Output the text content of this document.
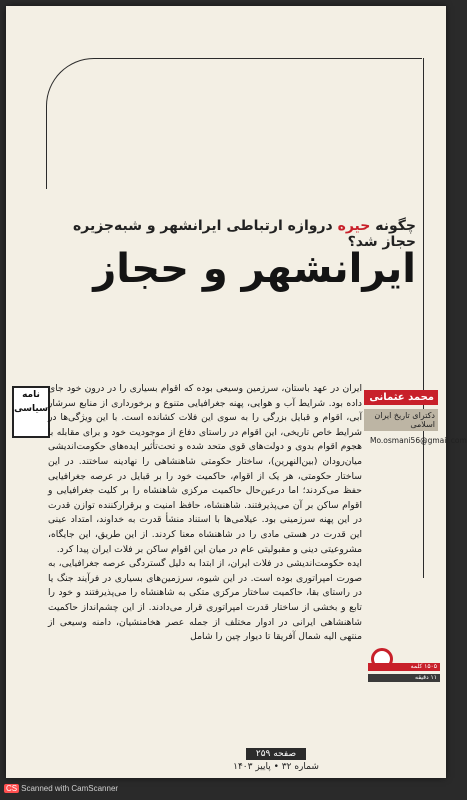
چگونه حیره دروازه ارتباطی ایرانشهر و شبه‌جزیره حجاز شد؟
ایرانشهر و حجاز
نامه
سیاسی
محمد عثمانی
دکترای تاریخ ایران اسلامی
Mo.osmani56@gmail.com

ایران در عهد باستان، سرزمین وسیعی بوده که اقوام بسیاری را در درون خود جای داده بود. شرایط آب و هوایی، پهنه جغرافیایی متنوع و برخورداری از منابع سرشار آبی، اقوام و قبایل بزرگی را به سوی این فلات کشانده است. با این ویژگی‌ها در شرایط خاص تاریخی، این اقوام در راستای دفاع از موجودیت خود و برای مقابله با هجوم اقوام بدوی و دولت‌های قوی متحد شده و تحت‌تأثیر ایده‌های حکومت‌اندیشی میان‌رودان (بین‌النهرین)، ساختار حکومتی شاهنشاهی را نهادینه ساختند. در این ساختار حکومتی، هر یک از اقوام، حاکمیت خود را بر قبایل در عرصه جغرافیایی حفظ می‌کردند؛ اما درعین‌حال حاکمیت مرکزی شاهنشاه را بر کلیت جغرافیایی و اقوام ساکن بر آن می‌پذیرفتند. شاهنشاه، حافظ امنیت و برقرارکننده توازن قدرت در این پهنه سرزمینی بود. عیلامی‌ها با استناد منشأ قدرت به خداوند، امتداد عینی این قدرت در هستی مادی را در شاهنشاه معنا کردند. از این طریق، این جایگاه، مشروعیتی دینی و مقبولیتی عام در میان این اقوام ساکن بر فلات ایران پیدا کرد.

ایده حکومت‌اندیشی در فلات ایران، از ابتدا به دلیل گستردگی عرصه جغرافیایی، به صورت امپراتوری بوده است. در این شیوه، سرزمین‌های بسیاری در فرآیند جنگ یا در راستای بقا، حاکمیت ساختار مرکزی متکی به شاهنشاه را می‌پذیرفتند و خود را تابع و بخشی از ساختار قدرت امپراتوری قرار می‌دادند. از این چشم‌انداز حاکمیت شاهنشاهی ایرانی در ادوار مختلف از جمله عصر هخامنشیان، دامنه وسیعی از منتهی الیه شمال آفریقا تا دیوار چین را شامل

۱۵۰۵ کلمه
۱۱ دقیقه
صفحه ۲۵۹
شماره ۳۲ • پاییز ۱۴۰۳
CS Scanned with CamScanner
